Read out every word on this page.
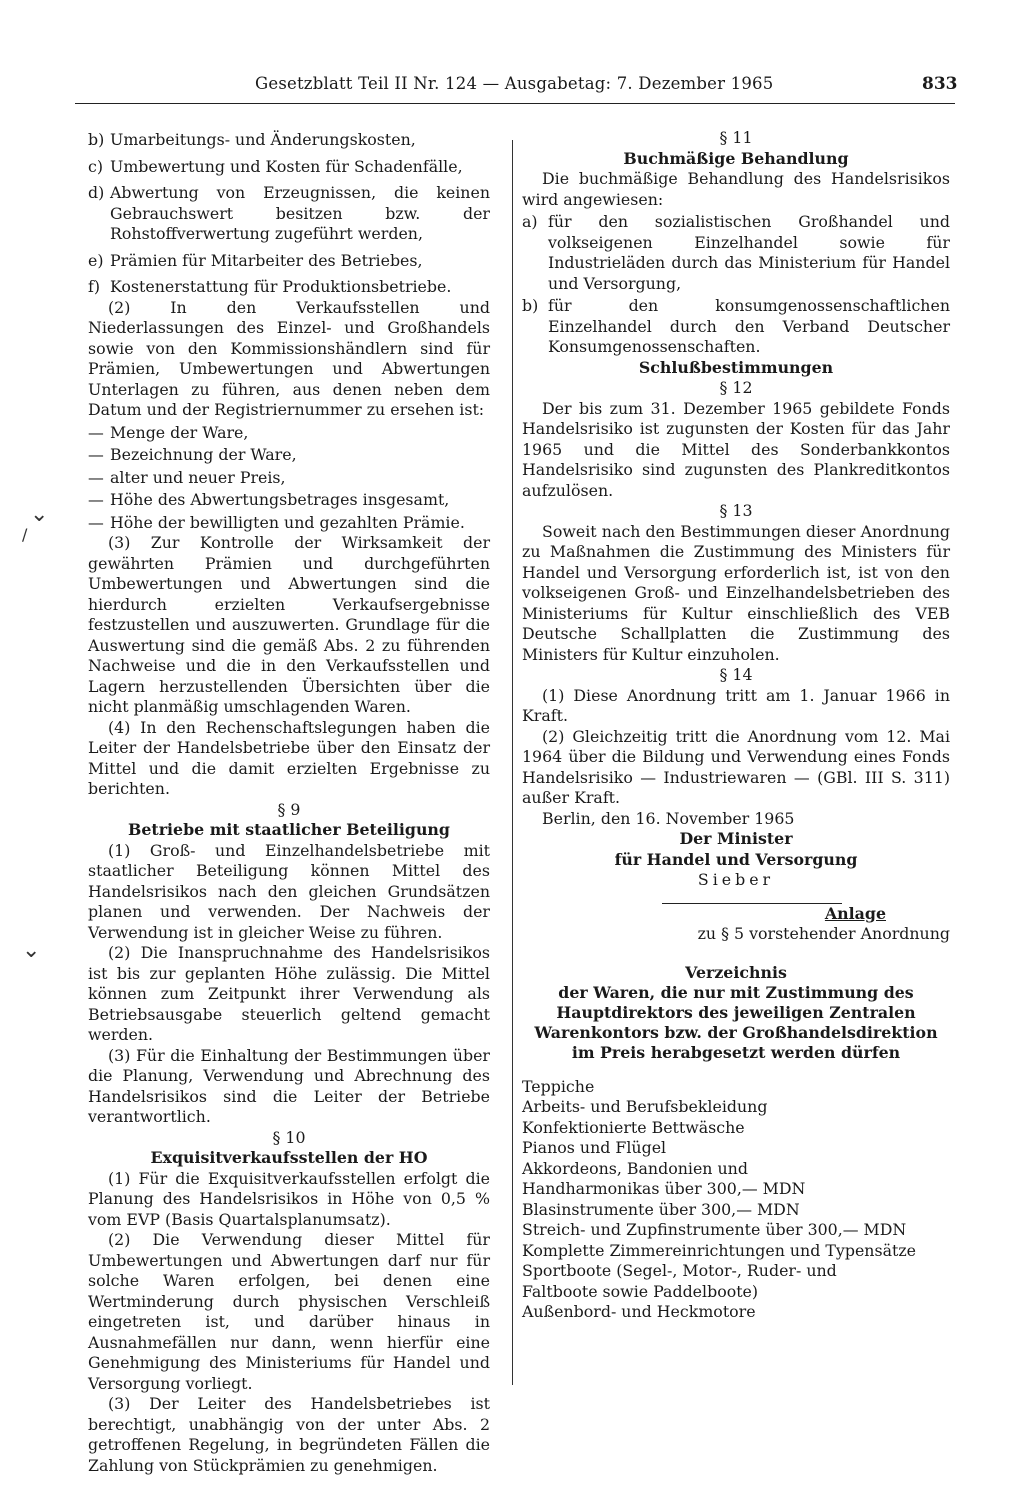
Gesetzblatt Teil II Nr. 124 — Ausgabetag: 7. Dezember 1965	833
⌄
/
⌄
b) Umarbeitungs- und Änderungskosten,
c) Umbewertung und Kosten für Schadenfälle,
d) Abwertung von Erzeugnissen, die keinen Gebrauchswert besitzen bzw. der Rohstoffverwertung zugeführt werden,
e) Prämien für Mitarbeiter des Betriebes,
f) Kostenerstattung für Produktionsbetriebe.

(2) In den Verkaufsstellen und Niederlassungen des Einzel- und Großhandels sowie von den Kommissionshändlern sind für Prämien, Umbewertungen und Abwertungen Unterlagen zu führen, aus denen neben dem Datum und der Registriernummer zu ersehen ist:

— Menge der Ware,
— Bezeichnung der Ware,
— alter und neuer Preis,
— Höhe des Abwertungsbetrages insgesamt,
— Höhe der bewilligten und gezahlten Prämie.

(3) Zur Kontrolle der Wirksamkeit der gewährten Prämien und durchgeführten Umbewertungen und Abwertungen sind die hierdurch erzielten Verkaufsergebnisse festzustellen und auszuwerten. Grundlage für die Auswertung sind die gemäß Abs. 2 zu führenden Nachweise und die in den Verkaufsstellen und Lagern herzustellenden Übersichten über die nicht planmäßig umschlagenden Waren.

(4) In den Rechenschaftslegungen haben die Leiter der Handelsbetriebe über den Einsatz der Mittel und die damit erzielten Ergebnisse zu berichten.

§ 9

Betriebe mit staatlicher Beteiligung

(1) Groß- und Einzelhandelsbetriebe mit staatlicher Beteiligung können Mittel des Handelsrisikos nach den gleichen Grundsätzen planen und verwenden. Der Nachweis der Verwendung ist in gleicher Weise zu führen.

(2) Die Inanspruchnahme des Handelsrisikos ist bis zur geplanten Höhe zulässig. Die Mittel können zum Zeitpunkt ihrer Verwendung als Betriebsausgabe steuerlich geltend gemacht werden.

(3) Für die Einhaltung der Bestimmungen über die Planung, Verwendung und Abrechnung des Handelsrisikos sind die Leiter der Betriebe verantwortlich.

§ 10

Exquisitverkaufsstellen der HO

(1) Für die Exquisitverkaufsstellen erfolgt die Planung des Handelsrisikos in Höhe von 0,5 % vom EVP (Basis Quartalsplanumsatz).

(2) Die Verwendung dieser Mittel für Umbewertungen und Abwertungen darf nur für solche Waren erfolgen, bei denen eine Wertminderung durch physischen Verschleiß eingetreten ist, und darüber hinaus in Ausnahmefällen nur dann, wenn hierfür eine Genehmigung des Ministeriums für Handel und Versorgung vorliegt.

(3) Der Leiter des Handelsbetriebes ist berechtigt, unabhängig von der unter Abs. 2 getroffenen Regelung, in begründeten Fällen die Zahlung von Stückprämien zu genehmigen.

§ 11

Buchmäßige Behandlung

Die buchmäßige Behandlung des Handelsrisikos wird angewiesen:

a) für den sozialistischen Großhandel und volkseigenen Einzelhandel sowie für Industrieläden durch das Ministerium für Handel und Versorgung,
b) für den konsumgenossenschaftlichen Einzelhandel durch den Verband Deutscher Konsumgenossenschaften.

Schlußbestimmungen

§ 12

Der bis zum 31. Dezember 1965 gebildete Fonds Handelsrisiko ist zugunsten der Kosten für das Jahr 1965 und die Mittel des Sonderbankkontos Handelsrisiko sind zugunsten des Plankreditkontos aufzulösen.

§ 13

Soweit nach den Bestimmungen dieser Anordnung zu Maßnahmen die Zustimmung des Ministers für Handel und Versorgung erforderlich ist, ist von den volkseigenen Groß- und Einzelhandelsbetrieben des Ministeriums für Kultur einschließlich des VEB Deutsche Schallplatten die Zustimmung des Ministers für Kultur einzuholen.

§ 14

(1) Diese Anordnung tritt am 1. Januar 1966 in Kraft.

(2) Gleichzeitig tritt die Anordnung vom 12. Mai 1964 über die Bildung und Verwendung eines Fonds Handelsrisiko — Industriewaren — (GBl. III S. 311) außer Kraft.

Berlin, den 16. November 1965

Der Minister

für Handel und Versorgung

Sieber

Anlage

zu § 5 vorstehender Anordnung

Verzeichnis

der Waren, die nur mit Zustimmung des

Hauptdirektors des jeweiligen Zentralen

Warenkontors bzw. der Großhandelsdirektion

im Preis herabgesetzt werden dürfen

Teppiche

Arbeits- und Berufsbekleidung

Konfektionierte Bettwäsche

Pianos und Flügel

Akkordeons, Bandonien und Handharmonikas über 300,— MDN

Blasinstrumente über 300,— MDN

Streich- und Zupfinstrumente über 300,— MDN

Komplette Zimmereinrichtungen und Typensätze

Sportboote (Segel-, Motor-, Ruder- und Faltboote sowie Paddelboote)

Außenbord- und Heckmotore
